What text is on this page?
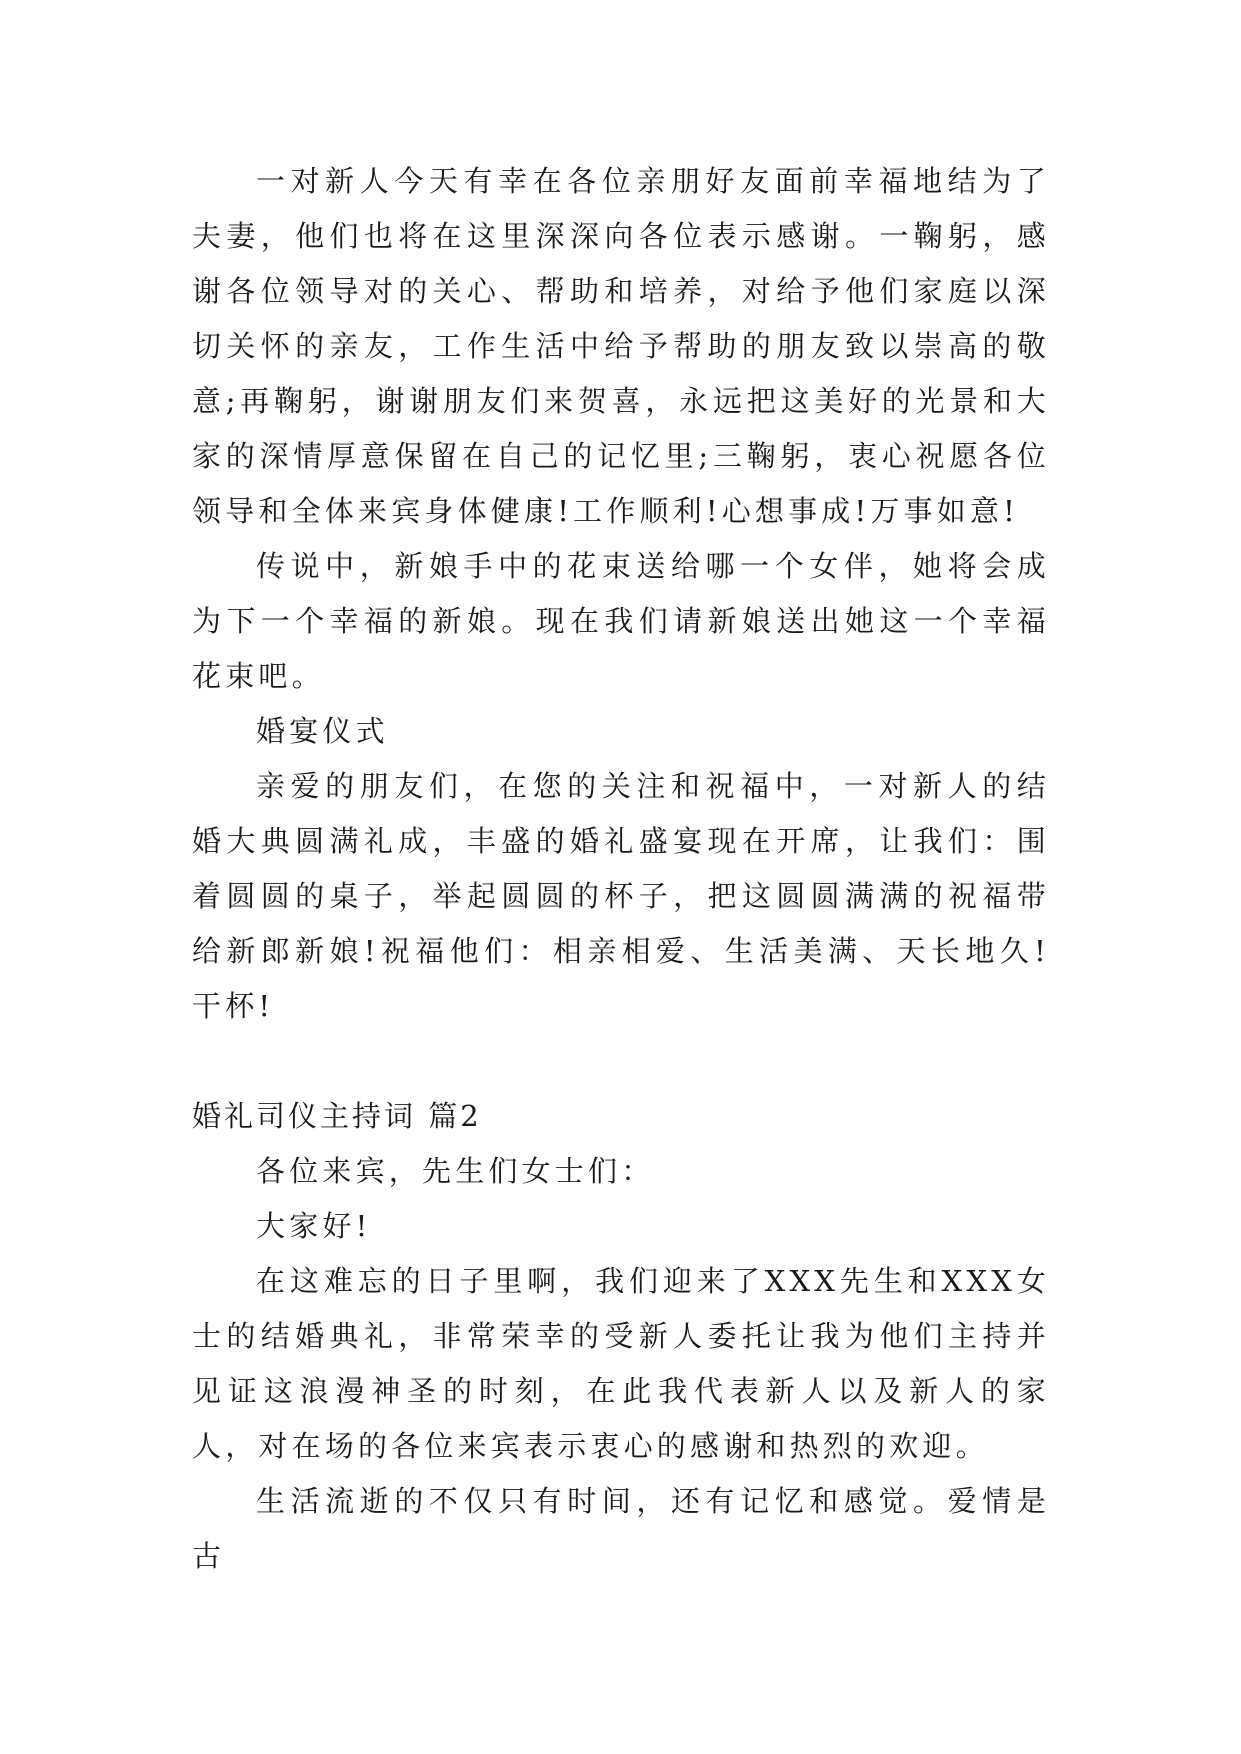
一对新人今天有幸在各位亲朋好友面前幸福地结为了夫妻，他们也将在这里深深向各位表示感谢。一鞠躬，感谢各位领导对的关心、帮助和培养，对给予他们家庭以深切关怀的亲友，工作生活中给予帮助的朋友致以崇高的敬意;再鞠躬，谢谢朋友们来贺喜，永远把这美好的光景和大家的深情厚意保留在自己的记忆里;三鞠躬，衷心祝愿各位领导和全体来宾身体健康!工作顺利!心想事成!万事如意!

传说中，新娘手中的花束送给哪一个女伴，她将会成为下一个幸福的新娘。现在我们请新娘送出她这一个幸福花束吧。

婚宴仪式

亲爱的朋友们，在您的关注和祝福中，一对新人的结婚大典圆满礼成，丰盛的婚礼盛宴现在开席，让我们：围着圆圆的桌子，举起圆圆的杯子，把这圆圆满满的祝福带给新郎新娘!祝福他们：相亲相爱、生活美满、天长地久!干杯!

婚礼司仪主持词 篇2

各位来宾，先生们女士们：

大家好!

在这难忘的日子里啊，我们迎来了XXX先生和XXX女士的结婚典礼，非常荣幸的受新人委托让我为他们主持并见证这浪漫神圣的时刻，在此我代表新人以及新人的家人，对在场的各位来宾表示衷心的感谢和热烈的欢迎。

生活流逝的不仅只有时间，还有记忆和感觉。爱情是古
